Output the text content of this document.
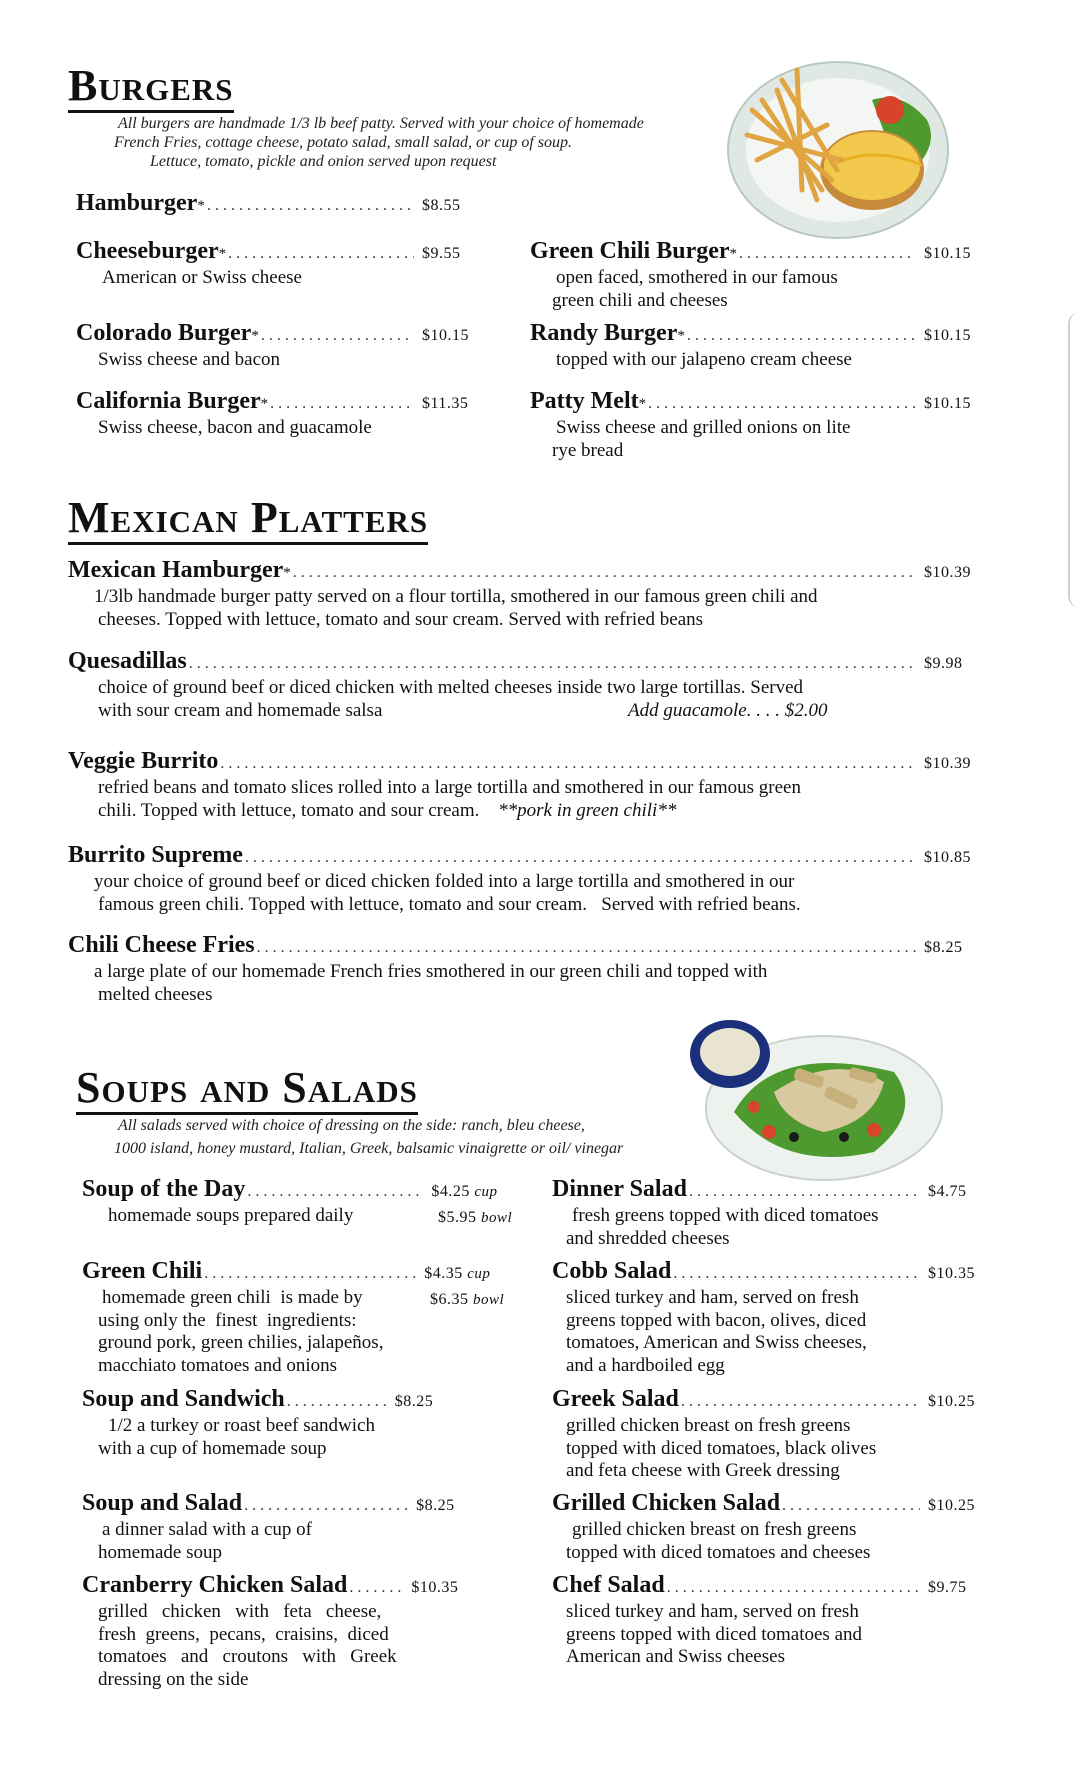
Burgers
All burgers are handmade 1/3 lb beef patty. Served with your choice of homemade
French Fries, cottage cheese, potato salad, small salad, or cup of soup.
Lettuce, tomato, pickle and onion served upon request
Hamburger * .....	$8.55
Cheeseburger * .....	$9.55
American or Swiss cheese
Colorado Burger * .....	$10.15
Swiss cheese and bacon
California Burger * .....	$11.35
Swiss cheese, bacon and guacamole
Green Chili Burger * .....	$10.15
open faced, smothered in our famous
green chili and cheeses
Randy Burger * .....	$10.15
topped with our jalapeno cream cheese
Patty Melt * .....	$10.15
Swiss cheese and grilled onions on lite
rye bread
Mexican Platters
Mexican Hamburger * .....	$10.39
1/3lb handmade burger patty served on a flour tortilla, smothered in our famous green chili and
cheeses. Topped with lettuce, tomato and sour cream. Served with refried beans
Quesadillas .....	$9.98
choice of ground beef or diced chicken with melted cheeses inside two large tortillas. Served
with sour cream and homemade salsa	Add guacamole. . . . $2.00
Veggie Burrito .....	$10.39
refried beans and tomato slices rolled into a large tortilla and smothered in our famous green
chili. Topped with lettuce, tomato and sour cream. **pork in green chili**
Burrito Supreme .....	$10.85
your choice of ground beef or diced chicken folded into a large tortilla and smothered in our
famous green chili. Topped with lettuce, tomato and sour cream.   Served with refried beans.
Chili Cheese Fries .....	$8.25
a large plate of our homemade French fries smothered in our green chili and topped with
melted cheeses
Soups and Salads
All salads served with choice of dressing on the side: ranch, bleu cheese,
1000 island, honey mustard, Italian, Greek, balsamic vinaigrette or oil/ vinegar
Soup of the Day .....	$4.25 cup
homemade soups prepared daily	$5.95 bowl
Green Chili .....	$4.35 cup
homemade green chili  is made by
using only the  finest  ingredients:
ground pork, green chilies, jalapeños,
macchiato tomatoes and onions
$6.35 bowl
Soup and Sandwich .....	$8.25
1/2 a turkey or roast beef sandwich
with a cup of homemade soup
Soup and Salad .....	$8.25
a dinner salad with a cup of
homemade soup
Cranberry Chicken Salad .....	$10.35
grilled   chicken   with   feta   cheese,
fresh  greens,  pecans,  craisins,  diced
tomatoes   and   croutons   with   Greek
dressing on the side
Dinner Salad .....	$4.75
fresh greens topped with diced tomatoes
and shredded cheeses
Cobb Salad .....	$10.35
sliced turkey and ham, served on fresh
greens topped with bacon, olives, diced
tomatoes, American and Swiss cheeses,
and a hardboiled egg
Greek Salad .....	$10.25
grilled chicken breast on fresh greens
topped with diced tomatoes, black olives
and feta cheese with Greek dressing
Grilled Chicken Salad .....	$10.25
grilled chicken breast on fresh greens
topped with diced tomatoes and cheeses
Chef Salad .....	$9.75
sliced turkey and ham, served on fresh
greens topped with diced tomatoes and
American and Swiss cheeses
